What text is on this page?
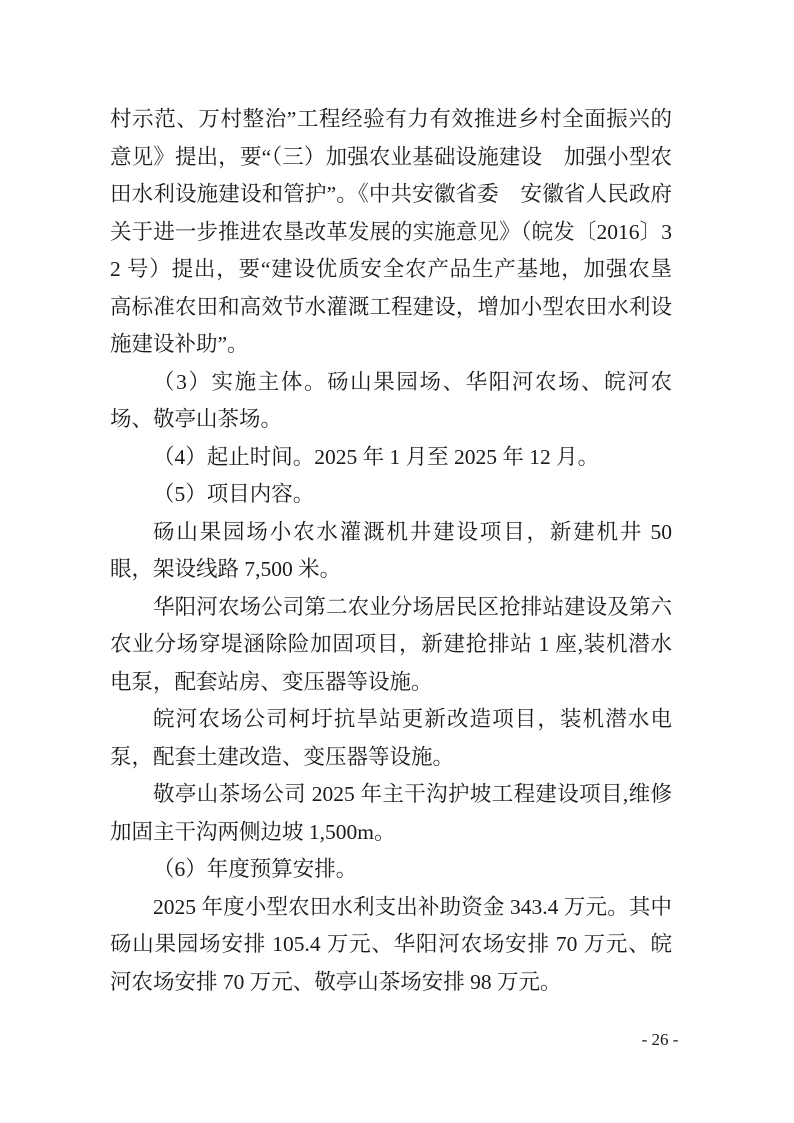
村示范、万村整治”工程经验有力有效推进乡村全面振兴的意见》提出，要“（三）加强农业基础设施建设　加强小型农田水利设施建设和管护”。《中共安徽省委　安徽省人民政府关于进一步推进农垦改革发展的实施意见》（皖发〔2016〕32 号）提出，要“建设优质安全农产品生产基地，加强农垦高标准农田和高效节水灌溉工程建设，增加小型农田水利设施建设补助”。

（3）实施主体。砀山果园场、华阳河农场、皖河农场、敬亭山茶场。

（4）起止时间。2025 年 1 月至 2025 年 12 月。

（5）项目内容。

砀山果园场小农水灌溉机井建设项目，新建机井 50 眼，架设线路 7,500 米。

华阳河农场公司第二农业分场居民区抢排站建设及第六农业分场穿堤涵除险加固项目，新建抢排站 1 座,装机潜水电泵，配套站房、变压器等设施。

皖河农场公司柯圩抗旱站更新改造项目，装机潜水电泵，配套土建改造、变压器等设施。

敬亭山茶场公司 2025 年主干沟护坡工程建设项目,维修加固主干沟两侧边坡 1,500m。

（6）年度预算安排。

2025 年度小型农田水利支出补助资金 343.4 万元。其中砀山果园场安排 105.4 万元、华阳河农场安排 70 万元、皖河农场安排 70 万元、敬亭山茶场安排 98 万元。

- 26 -
